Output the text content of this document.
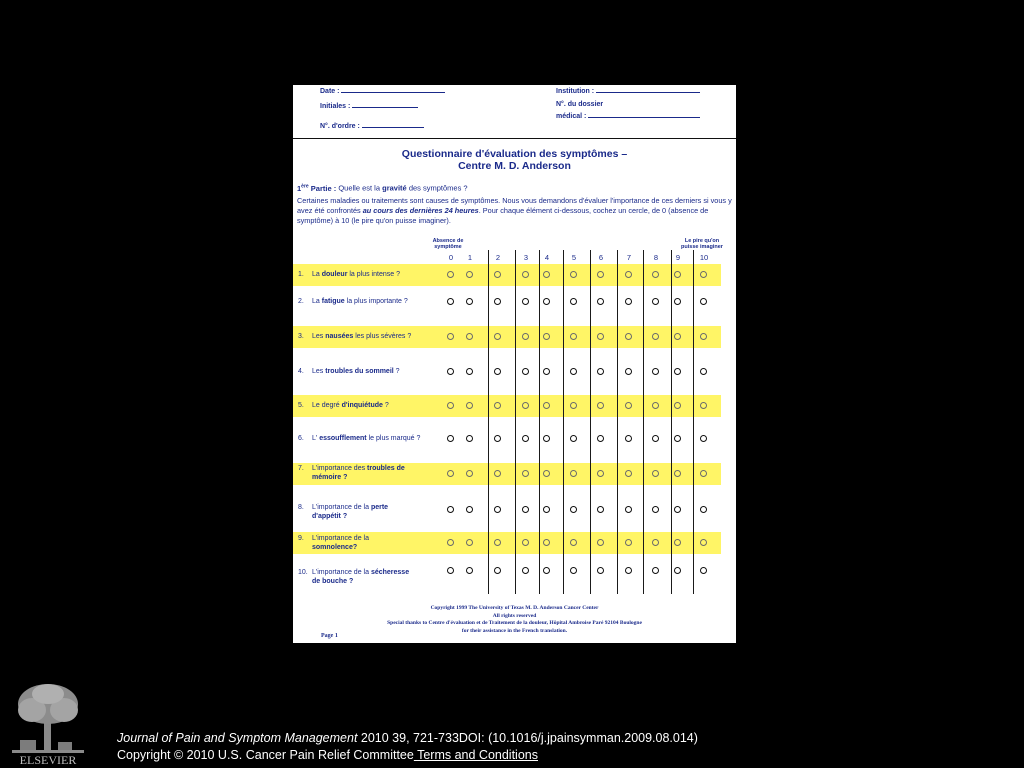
Date :
Initiales :
N°. d'ordre :
Institution :
N°. du dossier
médical :
Questionnaire d'évaluation des symptômes –
Centre M. D. Anderson
1ère Partie : Quelle est la gravité des symptômes ?
Certaines maladies ou traitements sont causes de symptômes. Nous vous demandons d'évaluer l'importance de ces derniers si vous y avez été confrontés au cours des dernières 24 heures. Pour chaque élément ci-dessous, cochez un cercle, de 0 (absence de symptôme) à 10 (le pire qu'on puisse imaginer).
Absence de
symptôme
Le pire qu'on
puisse imaginer
0	1	2	3	4	5	6	7	8	9	10
1. La douleur la plus intense ?
2. La fatigue la plus importante ?
3. Les nausées les plus sévères ?
4. Les troubles du sommeil ?
5. Le degré d'inquiétude ?
6. L' essoufflement le plus marqué ?
7. L'importance des troubles de
mémoire ?
8. L'importance de la perte
d'appétit ?
9. L'importance de la
somnolence?
10. L'importance de la sécheresse
de bouche ?
Copyright 1999 The University of Texas M. D. Anderson Cancer Center
All rights reserved
Special thanks to Centre d'évaluation et de Traitement de la douleur, Hôpital Ambroise Paré 92104 Boulogne
for their assistance in the French translation.
Page 1
ELSEVIER
Journal of Pain and Symptom Management 2010 39, 721-733DOI: (10.1016/j.jpainsymman.2009.08.014)
Copyright © 2010 U.S. Cancer Pain Relief Committee Terms and Conditions
